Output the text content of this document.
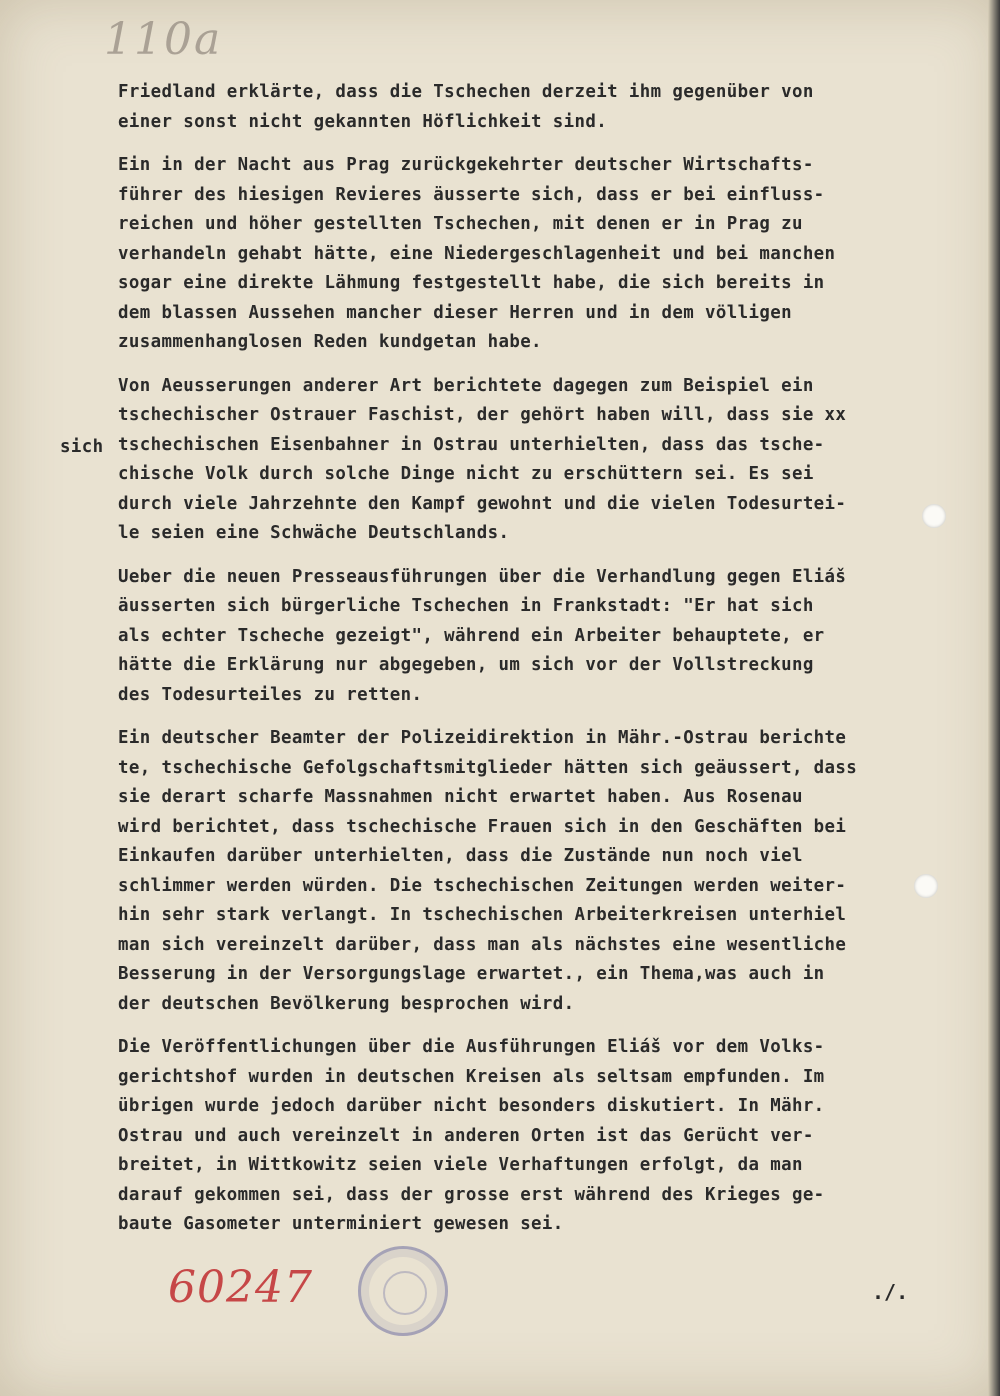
110a
sich
Friedland erklärte, dass die Tschechen derzeit ihm gegenüber von
einer sonst nicht gekannten Höflichkeit sind.
Ein in der Nacht aus Prag zurückgekehrter deutscher Wirtschafts-
führer des hiesigen Revieres äusserte sich, dass er bei einfluss-
reichen und höher gestellten Tschechen, mit denen er in Prag zu
verhandeln gehabt hätte, eine Niedergeschlagenheit und bei manchen
sogar eine direkte Lähmung festgestellt habe, die sich bereits in
dem blassen Aussehen mancher dieser Herren und in dem völligen
zusammenhanglosen Reden kundgetan habe.
Von Aeusserungen anderer Art berichtete dagegen zum Beispiel ein
tschechischer Ostrauer Faschist, der gehört haben will, dass sie xx
tschechischen Eisenbahner in Ostrau unterhielten, dass das tsche-
chische Volk durch solche Dinge nicht zu erschüttern sei. Es sei
durch viele Jahrzehnte den Kampf gewohnt und die vielen Todesurtei-
le seien eine Schwäche Deutschlands.
Ueber die neuen Presseausführungen über die Verhandlung gegen Eliáš
äusserten sich bürgerliche Tschechen in Frankstadt: "Er hat sich
als echter Tscheche gezeigt", während ein Arbeiter behauptete, er
hätte die Erklärung nur abgegeben, um sich vor der Vollstreckung
des Todesurteiles zu retten.
Ein deutscher Beamter der Polizeidirektion in Mähr.-Ostrau berichte
te, tschechische Gefolgschaftsmitglieder hätten sich geäussert, dass
sie derart scharfe Massnahmen nicht erwartet haben. Aus Rosenau
wird berichtet, dass tschechische Frauen sich in den Geschäften bei
Einkaufen darüber unterhielten, dass die Zustände nun noch viel
schlimmer werden würden. Die tschechischen Zeitungen werden weiter-
hin sehr stark verlangt. In tschechischen Arbeiterkreisen unterhiel
man sich vereinzelt darüber, dass man als nächstes eine wesentliche
Besserung in der Versorgungslage erwartet., ein Thema,was auch in
der deutschen Bevölkerung besprochen wird.
Die Veröffentlichungen über die Ausführungen Eliáš vor dem Volks-
gerichtshof wurden in deutschen Kreisen als seltsam empfunden. Im
übrigen wurde jedoch darüber nicht besonders diskutiert. In Mähr.
Ostrau und auch vereinzelt in anderen Orten ist das Gerücht ver-
breitet, in Wittkowitz seien viele Verhaftungen erfolgt, da man
darauf gekommen sei, dass der grosse erst während des Krieges ge-
baute Gasometer unterminiert gewesen sei.
./.
60247
